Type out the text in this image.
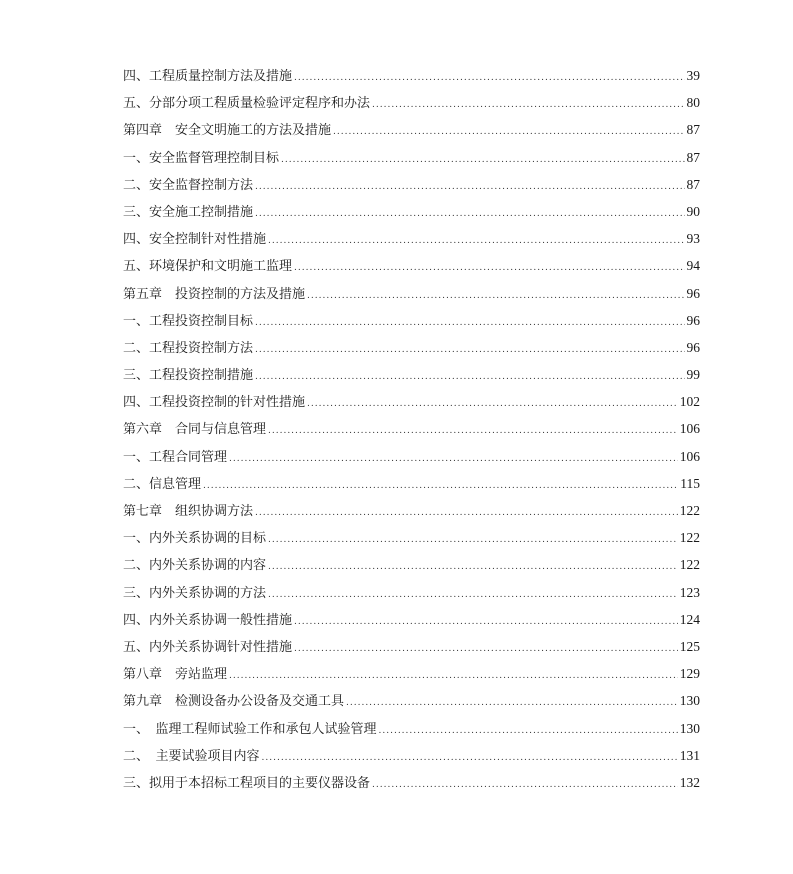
四、工程质量控制方法及措施 .....	39
五、分部分项工程质量检验评定程序和办法 .....	80
第四章　安全文明施工的方法及措施 .....	87
一、安全监督管理控制目标 .....	87
二、安全监督控制方法 .....	87
三、安全施工控制措施 .....	90
四、安全控制针对性措施 .....	93
五、环境保护和文明施工监理 .....	94
第五章　投资控制的方法及措施 .....	96
一、工程投资控制目标 .....	96
二、工程投资控制方法 .....	96
三、工程投资控制措施 .....	99
四、工程投资控制的针对性措施 .....	102
第六章　合同与信息管理 .....	106
一、工程合同管理 .....	106
二、信息管理 .....	115
第七章　组织协调方法 .....	122
一、内外关系协调的目标 .....	122
二、内外关系协调的内容 .....	122
三、内外关系协调的方法 .....	123
四、内外关系协调一般性措施 .....	124
五、内外关系协调针对性措施 .....	125
第八章　旁站监理 .....	129
第九章　检测设备办公设备及交通工具 .....	130
一、　监理工程师试验工作和承包人试验管理 .....	130
二、　主要试验项目内容 .....	131
三、拟用于本招标工程项目的主要仪器设备 .....	132
